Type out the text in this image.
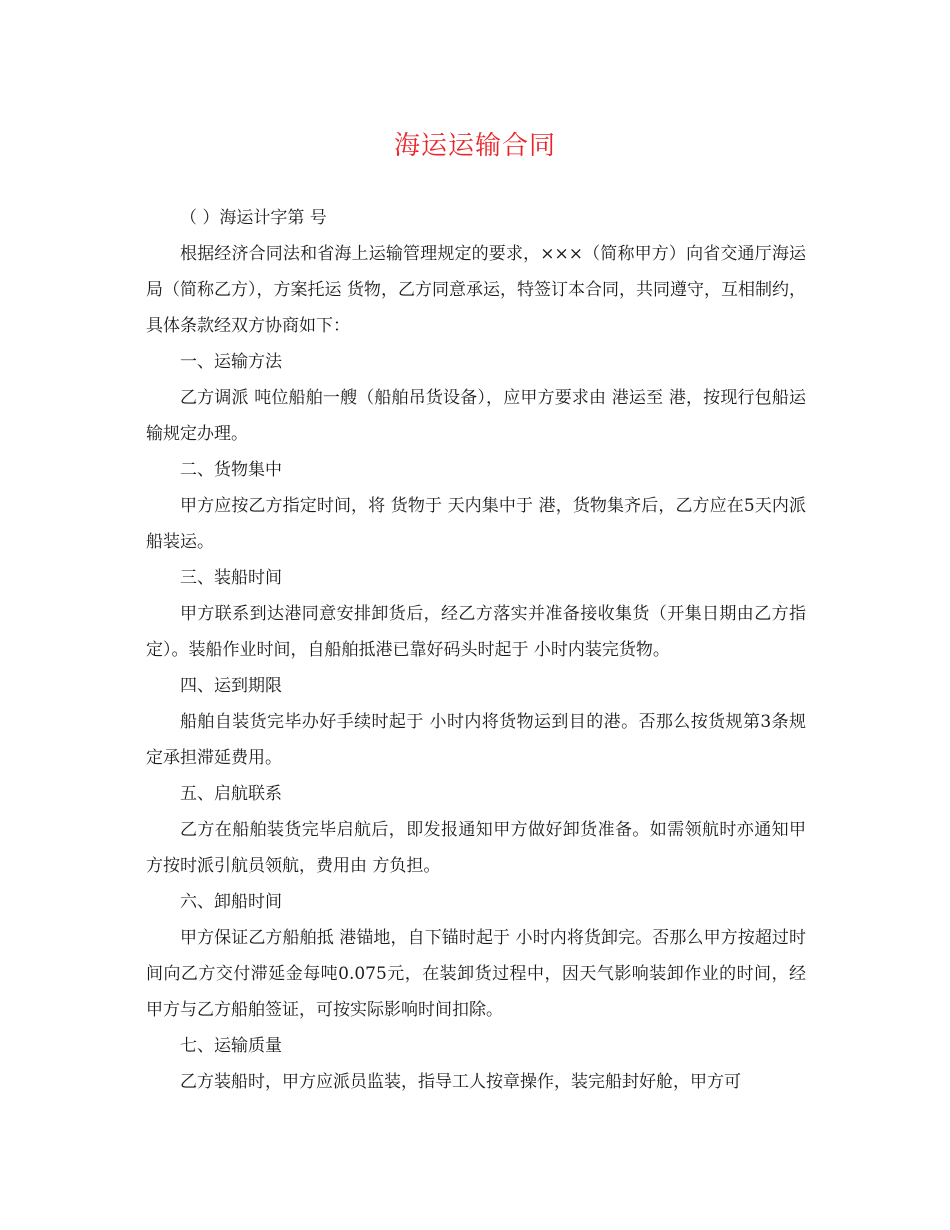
海运运输合同

（ ）海运计字第 号

根据经济合同法和省海上运输管理规定的要求，×××（简称甲方）向省交通厅海运局（简称乙方），方案托运 货物，乙方同意承运，特签订本合同，共同遵守，互相制约，具体条款经双方协商如下：

一、运输方法

乙方调派 吨位船舶一艘（船舶吊货设备），应甲方要求由 港运至 港，按现行包船运输规定办理。

二、货物集中

甲方应按乙方指定时间，将 货物于 天内集中于 港，货物集齐后，乙方应在5天内派船装运。

三、装船时间

甲方联系到达港同意安排卸货后，经乙方落实并准备接收集货（开集日期由乙方指定）。装船作业时间，自船舶抵港已靠好码头时起于 小时内装完货物。

四、运到期限

船舶自装货完毕办好手续时起于 小时内将货物运到目的港。否那么按货规第3条规定承担滞延费用。

五、启航联系

乙方在船舶装货完毕启航后，即发报通知甲方做好卸货准备。如需领航时亦通知甲方按时派引航员领航，费用由 方负担。

六、卸船时间

甲方保证乙方船舶抵 港锚地，自下锚时起于 小时内将货卸完。否那么甲方按超过时间向乙方交付滞延金每吨0.075元，在装卸货过程中，因天气影响装卸作业的时间，经甲方与乙方船舶签证，可按实际影响时间扣除。

七、运输质量

乙方装船时，甲方应派员监装，指导工人按章操作，装完船封好舱，甲方可
